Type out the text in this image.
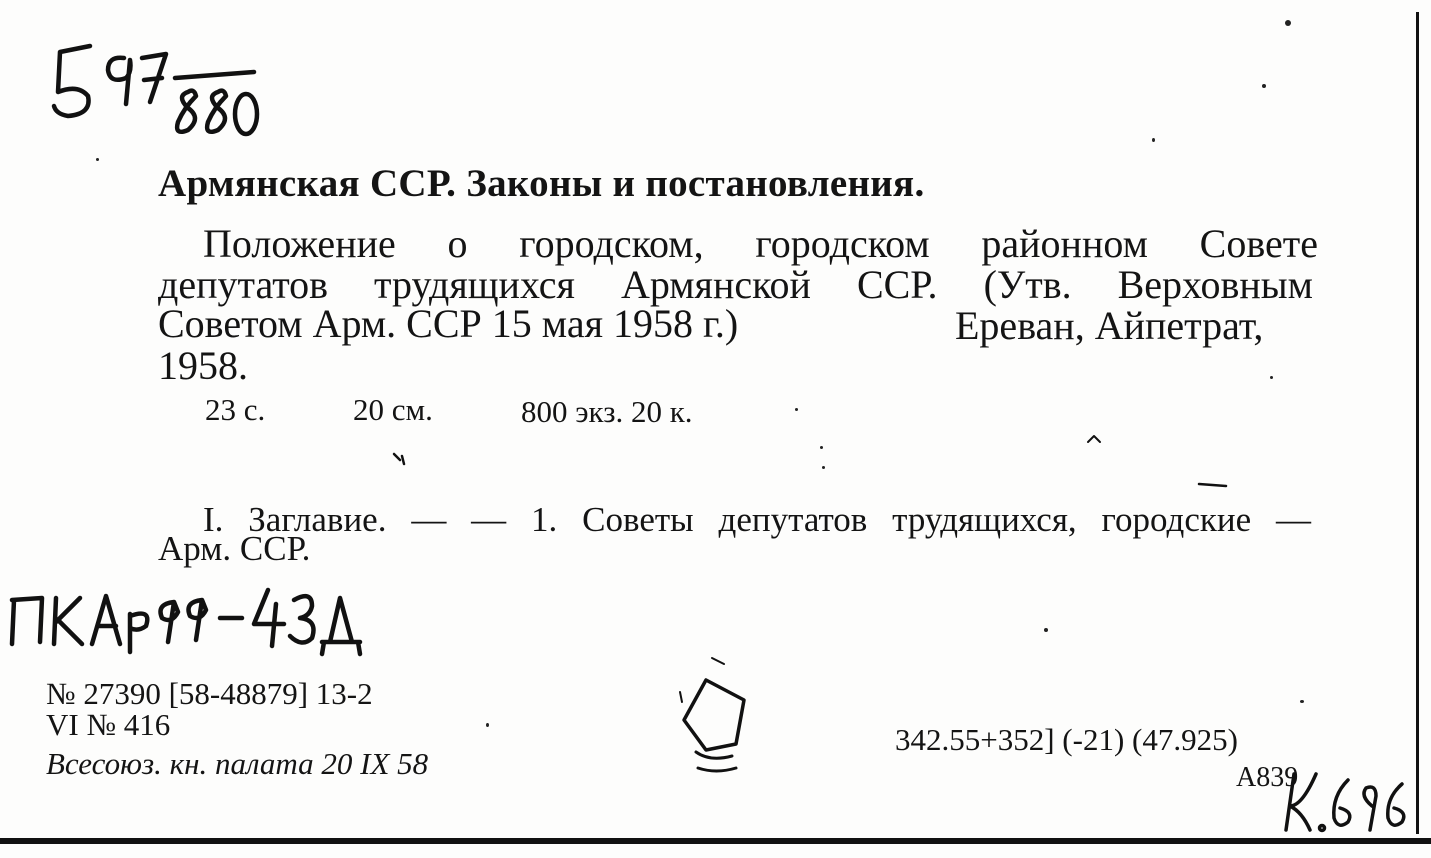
Армянская ССР. Законы и постановления.
Положение о городском, городском районном Совете
депутатов трудящихся Армянской ССР. (Утв. Верховным
Советом Арм. ССР 15 мая 1958 г.)	Ереван, Айпетрат,
1958.
23 с.	20 см.	800 экз. 20 к.
I. Заглавие. — — 1. Советы депутатов трудящихся, городские —
Арм. ССР.
№ 27390 [58-48879] 13-2
VI № 416
Всесоюз. кн. палата 20 IX 58
342.55+352] (-21) (47.925)
А839
